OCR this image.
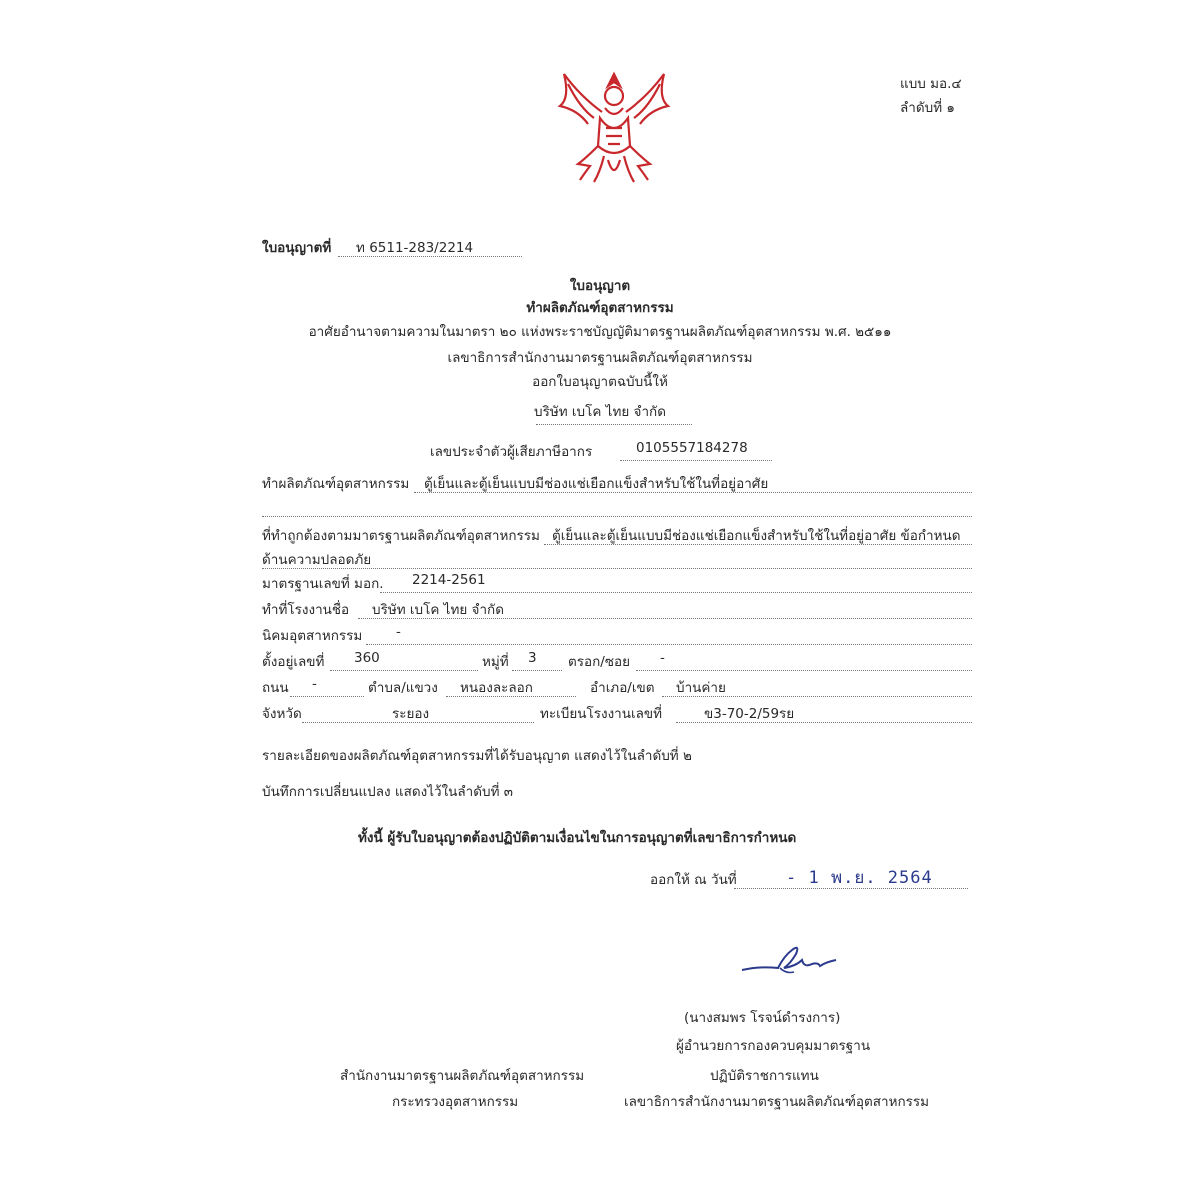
แบบ มอ.๔
ลำดับที่ ๑
ใบอนุญาตที่ ท 6511-283/2214
ใบอนุญาต
ทำผลิตภัณฑ์อุตสาหกรรม
อาศัยอำนาจตามความในมาตรา ๒๐ แห่งพระราชบัญญัติมาตรฐานผลิตภัณฑ์อุตสาหกรรม พ.ศ. ๒๕๑๑
เลขาธิการสำนักงานมาตรฐานผลิตภัณฑ์อุตสาหกรรม
ออกใบอนุญาตฉบับนี้ให้
บริษัท เบโค ไทย จำกัด
เลขประจำตัวผู้เสียภาษีอากร	0105557184278
ทำผลิตภัณฑ์อุตสาหกรรม ตู้เย็นและตู้เย็นแบบมีช่องแช่เยือกแข็งสำหรับใช้ในที่อยู่อาศัย
ที่ทำถูกต้องตามมาตรฐานผลิตภัณฑ์อุตสาหกรรม ตู้เย็นและตู้เย็นแบบมีช่องแช่เยือกแข็งสำหรับใช้ในที่อยู่อาศัย ข้อกำหนด
ด้านความปลอดภัย
มาตรฐานเลขที่ มอก. 2214-2561
ทำที่โรงงานชื่อ บริษัท เบโค ไทย จำกัด
นิคมอุตสาหกรรม -
ตั้งอยู่เลขที่ 360	หมู่ที่ 3 ตรอก/ซอย -
ถนน -	ตำบล/แขวง หนองละลอก	อำเภอ/เขต บ้านค่าย
จังหวัด	ระยอง	ทะเบียนโรงงานเลขที่	ข3-70-2/59รย
รายละเอียดของผลิตภัณฑ์อุตสาหกรรมที่ได้รับอนุญาต แสดงไว้ในลำดับที่ ๒
บันทึกการเปลี่ยนแปลง แสดงไว้ในลำดับที่ ๓
ทั้งนี้ ผู้รับใบอนุญาตต้องปฏิบัติตามเงื่อนไขในการอนุญาตที่เลขาธิการกำหนด
ออกให้ ณ วันที่	- 1 พ.ย. 2564
(นางสมพร โรจน์ดำรงการ)
ผู้อำนวยการกองควบคุมมาตรฐาน
ปฏิบัติราชการแทน
เลขาธิการสำนักงานมาตรฐานผลิตภัณฑ์อุตสาหกรรม
สำนักงานมาตรฐานผลิตภัณฑ์อุตสาหกรรม
กระทรวงอุตสาหกรรม
